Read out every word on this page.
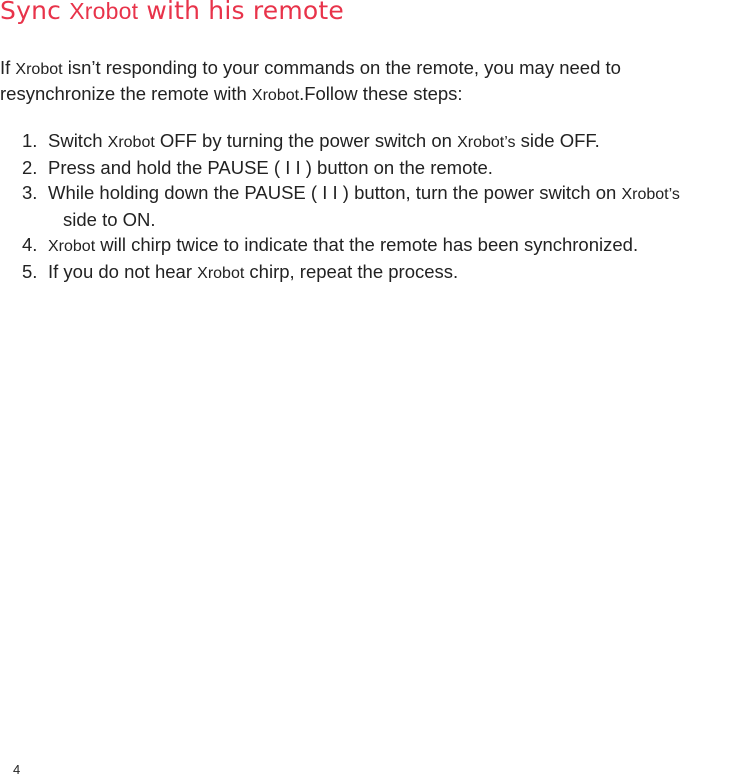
Sync Xrobot with his remote

If Xrobot isn’t responding to your commands on the remote, you may need to resynchronize the remote with Xrobot.Follow these steps:

1. Switch Xrobot OFF by turning the power switch on Xrobot’s side OFF.
2. Press and hold the PAUSE ( I I ) button on the remote.
3. While holding down the PAUSE ( I I ) button, turn the power switch on Xrobot’s
side to ON.
4. Xrobot will chirp twice to indicate that the remote has been synchronized.
5. If you do not hear Xrobot chirp, repeat the process.
4
